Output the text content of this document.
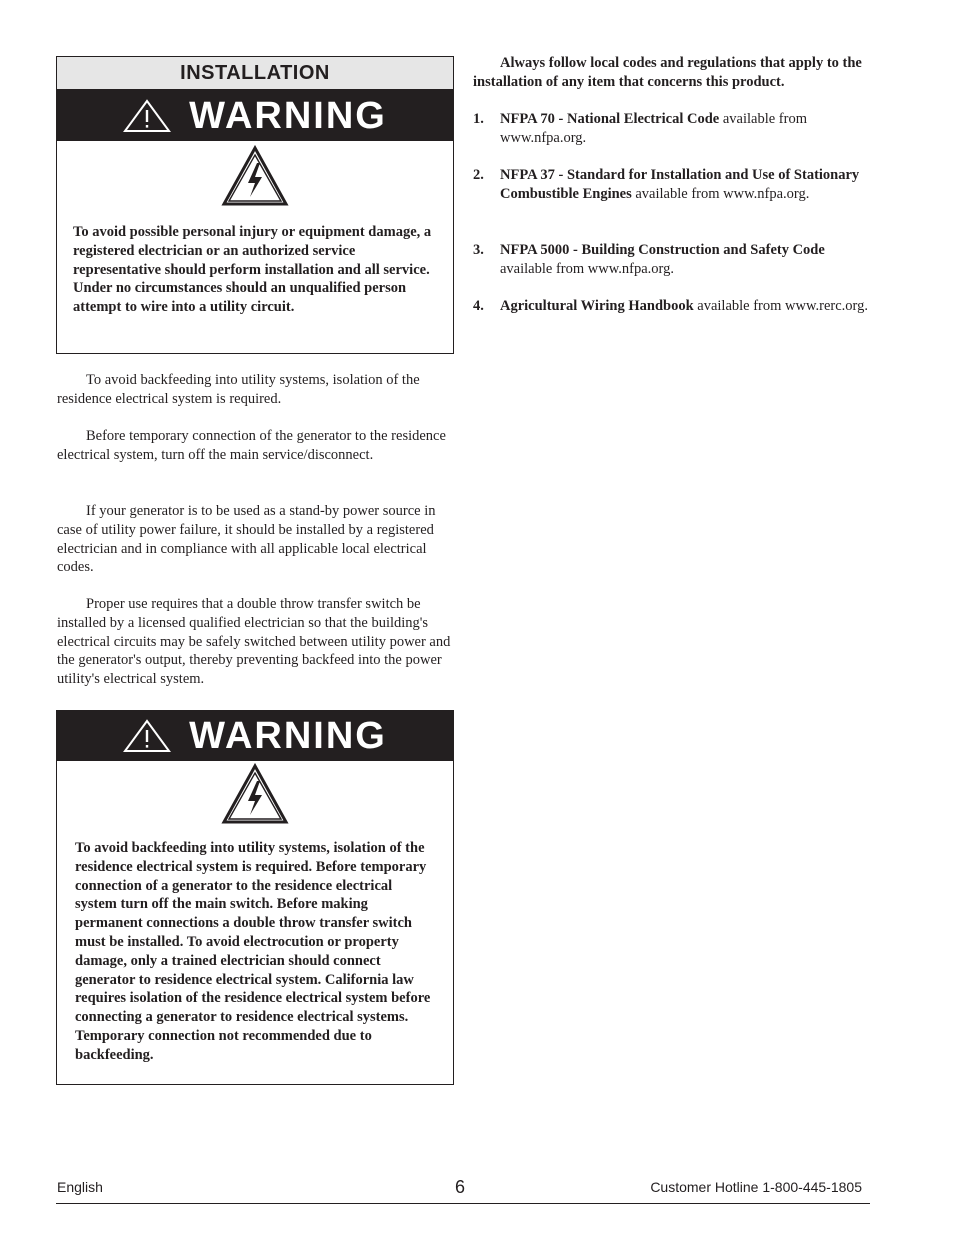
INSTALLATION
WARNING

To avoid possible personal injury or equipment damage, a registered electrician or an authorized service representative should perform installation and all service. Under no circumstances should an unqualified person attempt to wire into a utility circuit.

To avoid backfeeding into utility systems, isolation of the residence electrical system is required.

Before temporary connection of the generator to the residence electrical system, turn off the main service/disconnect.

If your generator is to be used as a stand-by power source in case of utility power failure, it should be installed by a registered electrician and in compliance with all applicable local electrical codes.

Proper use requires that a double throw transfer switch be installed by a licensed qualified electrician so that the building's electrical circuits may be safely switched between utility power and the generator's output, thereby preventing backfeed into the power utility's electrical system.

WARNING

To avoid backfeeding into utility systems, isolation of the residence electrical system is required. Before temporary connection of a generator to the residence electrical system turn off the main switch. Before making permanent connections a double throw transfer switch must be installed. To avoid electrocution or property damage, only a trained electrician should connect generator to residence electrical system. California law requires isolation of the residence electrical system before connecting a generator to residence electrical systems. Temporary connection not recommended due to backfeeding.

Always follow local codes and regulations that apply to the installation of any item that concerns this product.

1.	NFPA 70 - National Electrical Code available from www.nfpa.org.
2.	NFPA 37 - Standard for Installation and Use of Stationary Combustible Engines available from www.nfpa.org.
3.	NFPA 5000 - Building Construction and Safety Code available from www.nfpa.org.
4.	Agricultural Wiring Handbook available from www.rerc.org.
English	6	Customer Hotline 1-800-445-1805
